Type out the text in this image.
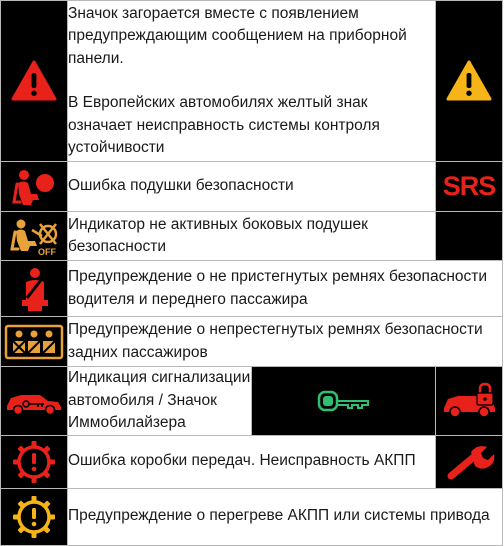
	Значок загорается вместе с появлением предупреждающим сообщением на приборной панели.
В Европейских автомобилях желтый знак означает неисправность системы контроля устойчивости	

	Ошибка подушки безопасности		SRS

OFF	Индикатор не активных боковых подушек безопасности		

	Предупреждение о не пристегнутых ремнях безопасности водителя и переднего пассажира		

	Предупреждение о непрестегнутых ремнях безопасности задних пассажиров		

	Индикация сигнализации автомобиля / Значок Иммобилайзера	

	Ошибка коробки передач. Неисправность АКПП	

	Предупреждение о перегреве АКПП или системы привода		
